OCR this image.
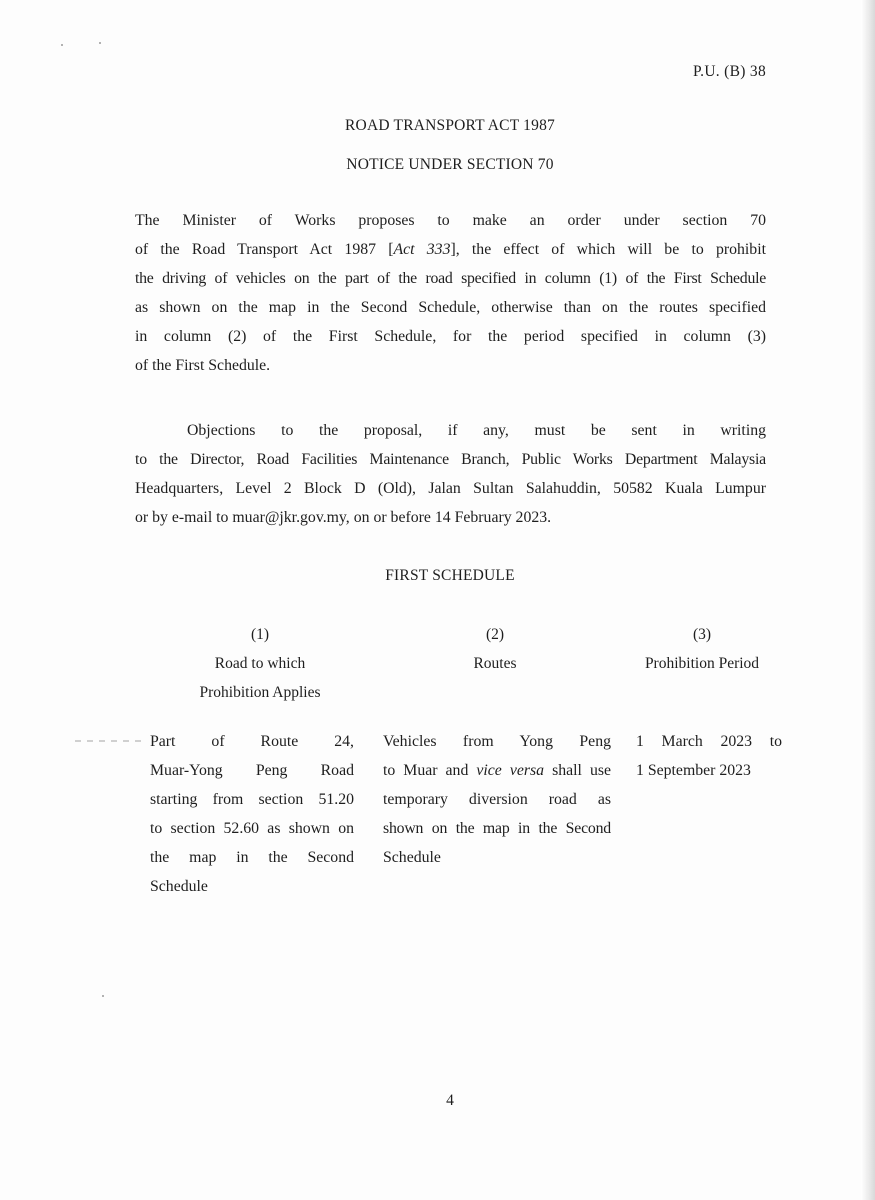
P.U. (B) 38
ROAD TRANSPORT ACT 1987
NOTICE UNDER SECTION 70

The Minister of Works proposes to make an order under section 70
of the Road Transport Act 1987 [Act 333], the effect of which will be to prohibit
the driving of vehicles on the part of the road specified in column (1) of the First Schedule
as shown on the map in the Second Schedule, otherwise than on the routes specified
in column (2) of the First Schedule, for the period specified in column (3)
of the First Schedule.

Objections to the proposal, if any, must be sent in writing
to the Director, Road Facilities Maintenance Branch, Public Works Department Malaysia
Headquarters, Level 2 Block D (Old), Jalan Sultan Salahuddin, 50582 Kuala Lumpur
or by e-mail to muar@jkr.gov.my, on or before 14 February 2023.

FIRST SCHEDULE
(1)
Road to which
Prohibition Applies
(2)
Routes
(3)
Prohibition Period
Part of Route 24,
Muar-Yong Peng Road
starting from section 51.20
to section 52.60 as shown on
the map in the Second
Schedule
Vehicles from Yong Peng
to Muar and vice versa shall use
temporary diversion road as
shown on the map in the Second
Schedule
1 March 2023 to
1 September 2023
4
